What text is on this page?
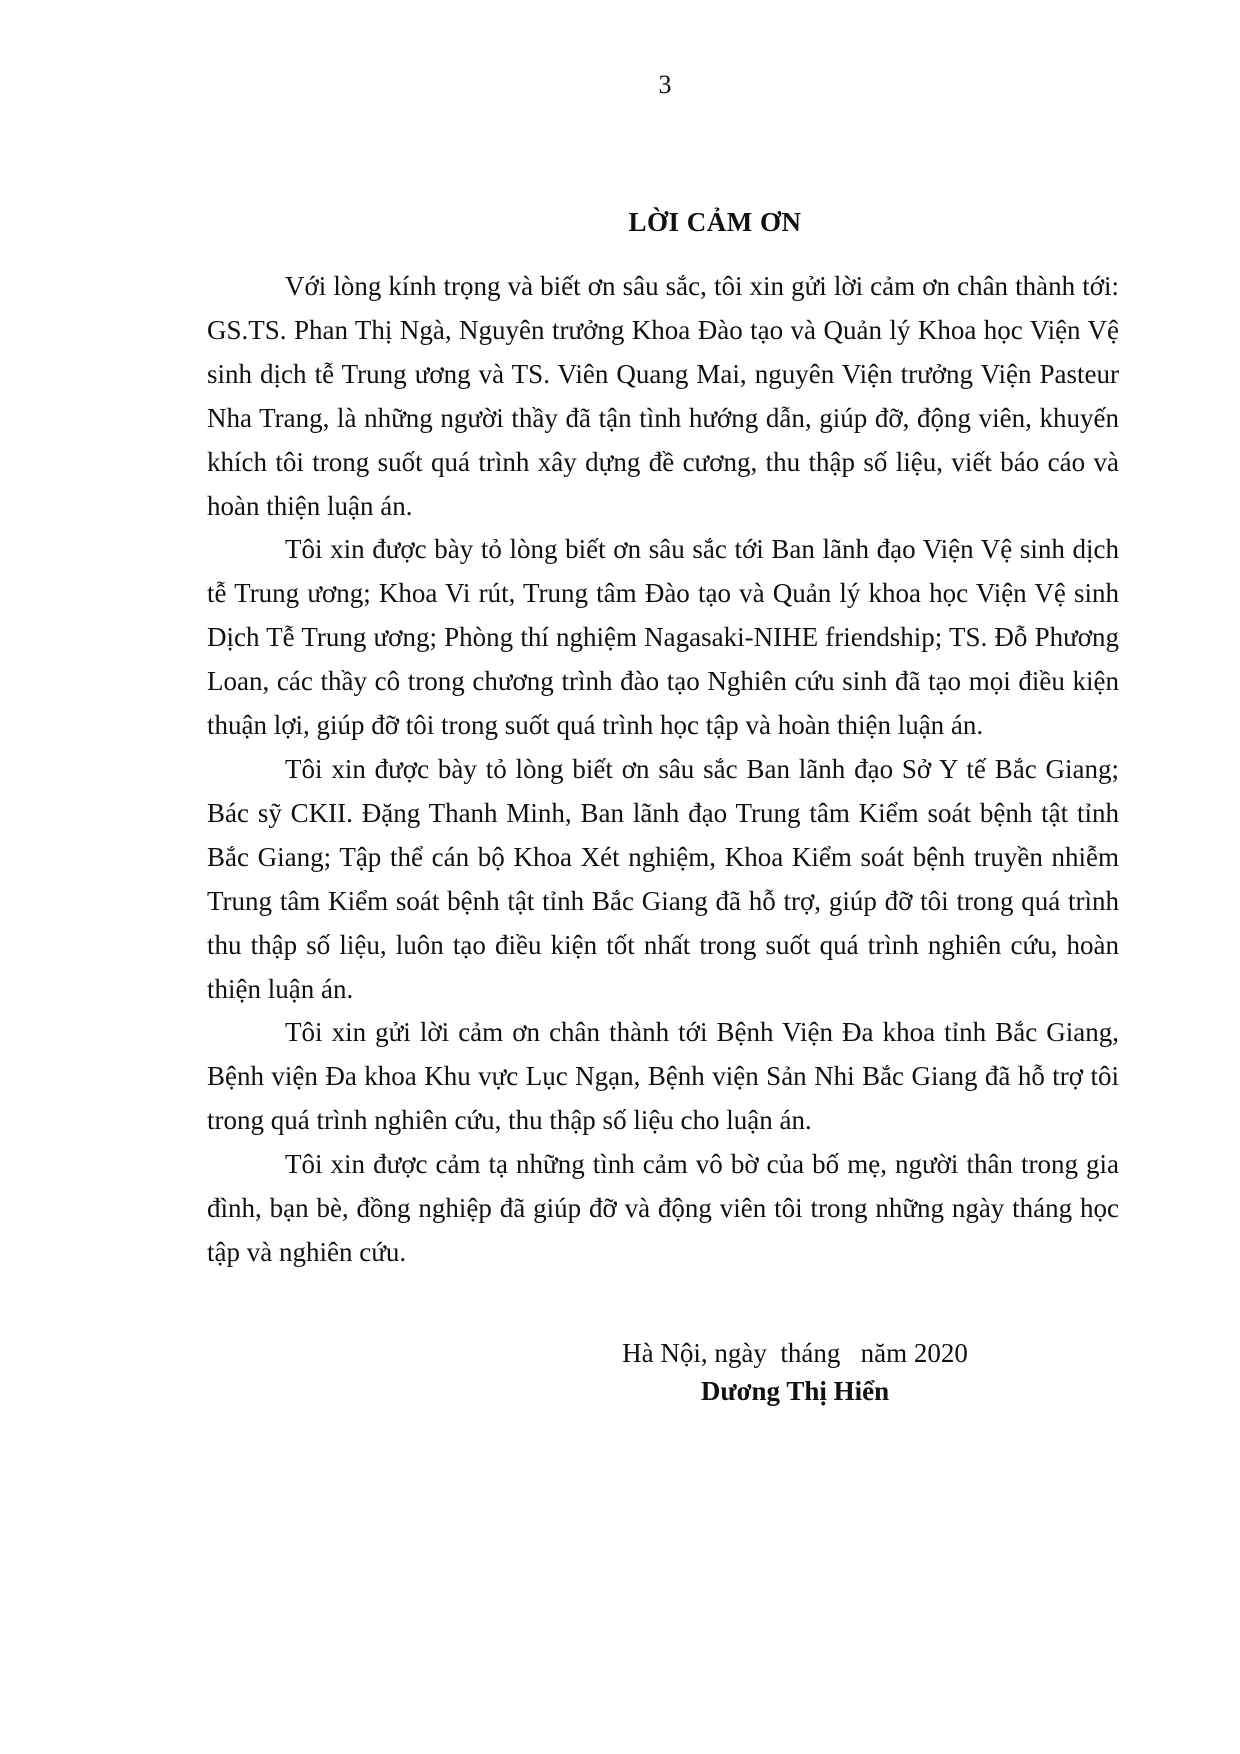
3
LỜI CẢM ƠN

Với lòng kính trọng và biết ơn sâu sắc, tôi xin gửi lời cảm ơn chân thành tới: GS.TS. Phan Thị Ngà, Nguyên trưởng Khoa Đào tạo và Quản lý Khoa học Viện Vệ sinh dịch tễ Trung ương và TS. Viên Quang Mai, nguyên Viện trưởng Viện Pasteur Nha Trang, là những người thầy đã tận tình hướng dẫn, giúp đỡ, động viên, khuyến khích tôi trong suốt quá trình xây dựng đề cương, thu thập số liệu, viết báo cáo và hoàn thiện luận án.

Tôi xin được bày tỏ lòng biết ơn sâu sắc tới Ban lãnh đạo Viện Vệ sinh dịch tễ Trung ương; Khoa Vi rút, Trung tâm Đào tạo và Quản lý khoa học Viện Vệ sinh Dịch Tễ Trung ương; Phòng thí nghiệm Nagasaki-NIHE friendship; TS. Đỗ Phương Loan, các thầy cô trong chương trình đào tạo Nghiên cứu sinh đã tạo mọi điều kiện thuận lợi, giúp đỡ tôi trong suốt quá trình học tập và hoàn thiện luận án.

Tôi xin được bày tỏ lòng biết ơn sâu sắc Ban lãnh đạo Sở Y tế Bắc Giang; Bác sỹ CKII. Đặng Thanh Minh, Ban lãnh đạo Trung tâm Kiểm soát bệnh tật tỉnh Bắc Giang; Tập thể cán bộ Khoa Xét nghiệm, Khoa Kiểm soát bệnh truyền nhiễm Trung tâm Kiểm soát bệnh tật tỉnh Bắc Giang đã hỗ trợ, giúp đỡ tôi trong quá trình thu thập số liệu, luôn tạo điều kiện tốt nhất trong suốt quá trình nghiên cứu, hoàn thiện luận án.

Tôi xin gửi lời cảm ơn chân thành tới Bệnh Viện Đa khoa tỉnh Bắc Giang, Bệnh viện Đa khoa Khu vực Lục Ngạn, Bệnh viện Sản Nhi Bắc Giang đã hỗ trợ tôi trong quá trình nghiên cứu, thu thập số liệu cho luận án.

Tôi xin được cảm tạ những tình cảm vô bờ của bố mẹ, người thân trong gia đình, bạn bè, đồng nghiệp đã giúp đỡ và động viên tôi trong những ngày tháng học tập và nghiên cứu.

Hà Nội, ngày  tháng   năm 2020
Dương Thị Hiển
